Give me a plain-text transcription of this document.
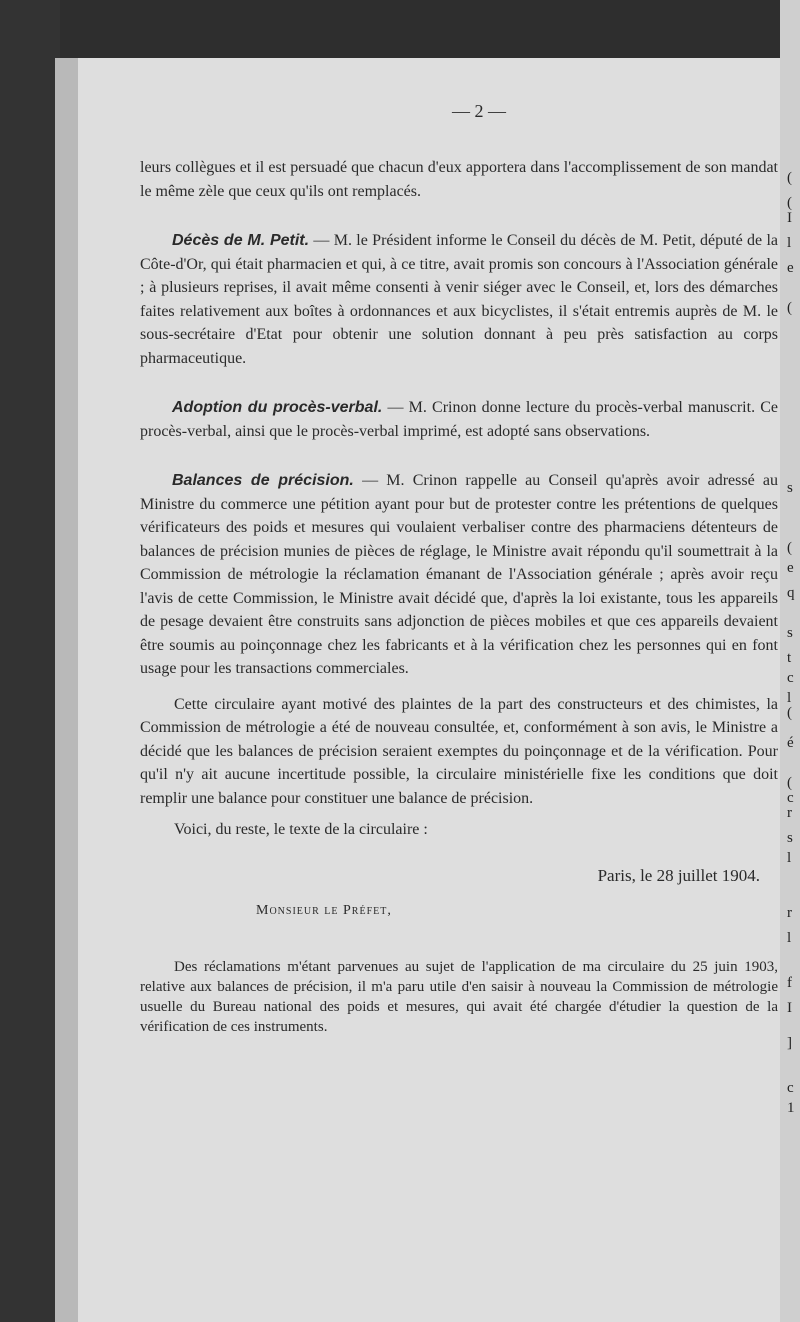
(
(
I
l
e
(
s
(
e
q
s
t
c
l
(
é
(
c
r
s
l
r
l
f
I
]
c
1
— 2 —

leurs collègues et il est persuadé que chacun d'eux apportera dans l'accomplissement de son mandat le même zèle que ceux qu'ils ont remplacés.

Décès de M. Petit. — M. le Président informe le Conseil du décès de M. Petit, député de la Côte-d'Or, qui était pharmacien et qui, à ce titre, avait promis son concours à l'Association générale ; à plusieurs reprises, il avait même consenti à venir siéger avec le Conseil, et, lors des démarches faites relativement aux boîtes à ordonnances et aux bicyclistes, il s'était entremis auprès de M. le sous-secrétaire d'Etat pour obtenir une solution donnant à peu près satisfaction au corps pharmaceutique.

Adoption du procès-verbal. — M. Crinon donne lecture du procès-verbal manuscrit. Ce procès-verbal, ainsi que le procès-verbal imprimé, est adopté sans observations.

Balances de précision. — M. Crinon rappelle au Conseil qu'après avoir adressé au Ministre du commerce une pétition ayant pour but de protester contre les prétentions de quelques vérificateurs des poids et mesures qui voulaient verbaliser contre des pharmaciens détenteurs de balances de précision munies de pièces de réglage, le Ministre avait répondu qu'il soumettrait à la Commission de métrologie la réclamation émanant de l'Association générale ; après avoir reçu l'avis de cette Commission, le Ministre avait décidé que, d'après la loi existante, tous les appareils de pesage devaient être construits sans adjonction de pièces mobiles et que ces appareils devaient être soumis au poinçonnage chez les fabricants et à la vérification chez les personnes qui en font usage pour les transactions commerciales.

Cette circulaire ayant motivé des plaintes de la part des constructeurs et des chimistes, la Commission de métrologie a été de nouveau consultée, et, conformément à son avis, le Ministre a décidé que les balances de précision seraient exemptes du poinçonnage et de la vérification. Pour qu'il n'y ait aucune incertitude possible, la circulaire ministérielle fixe les conditions que doit remplir une balance pour constituer une balance de précision.

Voici, du reste, le texte de la circulaire :

Paris, le 28 juillet 1904.
Monsieur le Préfet,

Des réclamations m'étant parvenues au sujet de l'application de ma circulaire du 25 juin 1903, relative aux balances de précision, il m'a paru utile d'en saisir à nouveau la Commission de métrologie usuelle du Bureau national des poids et mesures, qui avait été chargée d'étudier la question de la vérification de ces instruments.
